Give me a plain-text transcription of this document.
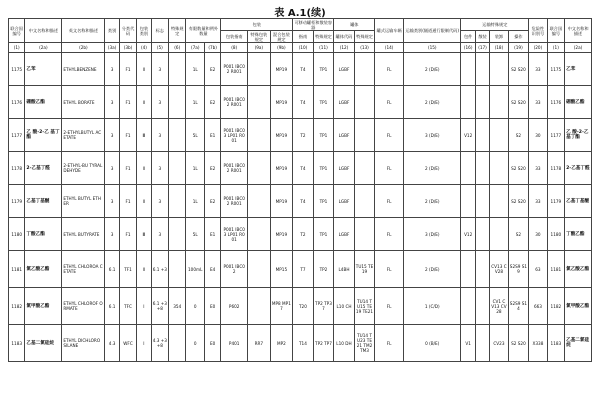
表 A.1(续)
联合国编号	中文名称和描述	英文名称和描述	类别	分类代码	包装类别	标志	特殊规定	有限数量和例外数量		包装			可移动罐柜和散装容器		罐体		罐式运输车辆	运输类别(隧道通行限制代码)	运输特殊规定				危险性识别号	联合国编号	中文名称和描述
										包装指南	特殊包装规定	混合包装规定	指南	特殊规定	罐体代码	特殊规定			包件	散装	装卸	操作			
(1)	(2a)	(2b)	(3a)	(3b)	(4)	(5)	(6)	(7a)	(7b)	(8)	(9a)	(9b)	(10)	(11)	(12)	(13)	(14)	(15)	(16)	(17)	(18)	(19)	(20)	(1)	(2a)
1175	乙苯	ETHYLBENZENE	3	F1	Ⅱ	3		1L	E2	P001 IBC02 R001		MP19	T4	TP1	LGBF		FL	2 (D/E)				S2 S20	33	1175	乙苯
1176	硼酸乙酯	ETHYL BORATE	3	F1	Ⅱ	3		1L	E2	P001 IBC02 R001		MP19	T4	TP1	LGBF		FL	2 (D/E)				S2 S20	33	1176	硼酸乙酯
1177	乙 酸-2-乙 基丁酯	2-ETHYLBUTYL ACETATE	3	F1	Ⅲ	3		5L	E1	P001 IBC03 LP01 R001		MP19	T2	TP1	LGBF		FL	3 (D/E)	V12			S2	30	1177	乙 酸-2-乙 基丁酯
1178	2-乙基丁醛	2-ETHYL-BU TYRALDEHYDE	3	F1	Ⅱ	3		1L	E2	P001 IBC02 R001		MP19	T4	TP1	LGBF		FL	2 (D/E)				S2 S20	33	1178	2-乙基丁醛
1179	乙基丁基醚	ETHYL BUTYL ETHER	3	F1	Ⅱ	3		1L	E2	P001 IBC02 R001		MP19	T4	TP1	LGBF		FL	2 (D/E)				S2 S20	33	1179	乙基丁基醚
1180	丁酸乙酯	ETHYL BUTYRATE	3	F1	Ⅲ	3		5L	E1	P001 IBC03 LP01 R001		MP19	T2	TP1	LGBF		FL	3 (D/E)	V12			S2	30	1180	丁酸乙酯
1181	氯乙酸乙酯	ETHYL CHLOROA CETATE	6.1	TF1	Ⅱ	6.1 +3		100mL	E4	P001 IBC02		MP15	T7	TP2	L4BH	TU15 TE19	FL	2 (D/E)			CV13 CV28	S2S9 S19	63	1181	氯乙酸乙酯
1182	氯甲酸乙酯	ETHYL CHLOROF ORMATE	6.1	TFC	Ⅰ	6.1 +3 +8	354	0	E0	P602		MP8 MP17	T20	TP2 TP37	L10 CH	TU14 TU15 TE19 TE21	FL	1 (C/D)			CV1 CV13 CV28	S2S9 S14	663	1182	氯甲酸乙酯
1183	乙基二氯硅烷	ETHYL DICHLORO SILANE	4.3	WFC	Ⅰ	4.3 +3 +8		0	E0	P401	RR7	MP2	T14	TP2 TP7	L10 DH	TU14 TU23 TE21 TM2 TM3	FL	0 (B/E)	V1		CV23	S2 S20	X338	1183	乙基二氯硅烷
